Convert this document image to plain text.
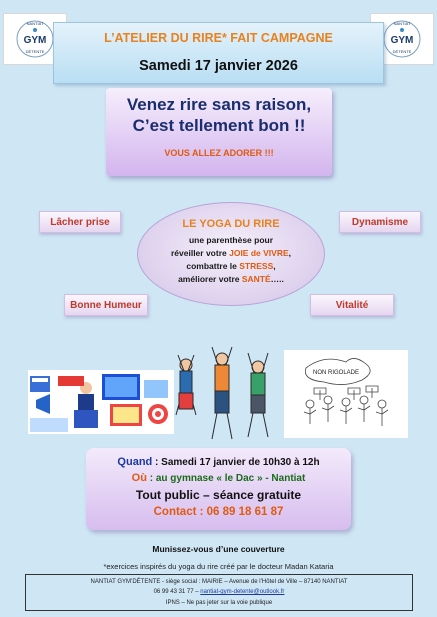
NANTIAT
GYM
DÉTENTE
NANTIAT
GYM
DÉTENTE
L’ATELIER DU RIRE* FAIT CAMPAGNE
Samedi 17 janvier 2026
Venez rire sans raison,
C’est tellement bon !!
VOUS ALLEZ ADORER !!!
Lâcher prise	Dynamisme
Bonne Humeur	Vitalité
LE YOGA DU RIRE
une parenthèse pour
réveiller votre JOIE de VIVRE,
combattre le STRESS,
améliorer votre SANTÉ…..
NON RIGOLADE
Quand : Samedi 17 janvier de 10h30 à 12h
Où : au gymnase « le Dac » - Nantiat
Tout public – séance gratuite
Contact : 06 89 18 61 87
Munissez-vous d’une couverture
*exercices inspirés du yoga du rire créé par le docteur Madan Kataria
NANTIAT GYM’DÉTENTE - siège social : MAIRIE – Avenue de l’Hôtel de Ville – 87140 NANTIAT
06 99 43 31 77 – nantiat-gym-detente@outlook.fr
IPNS – Ne pas jeter sur la voie publique
